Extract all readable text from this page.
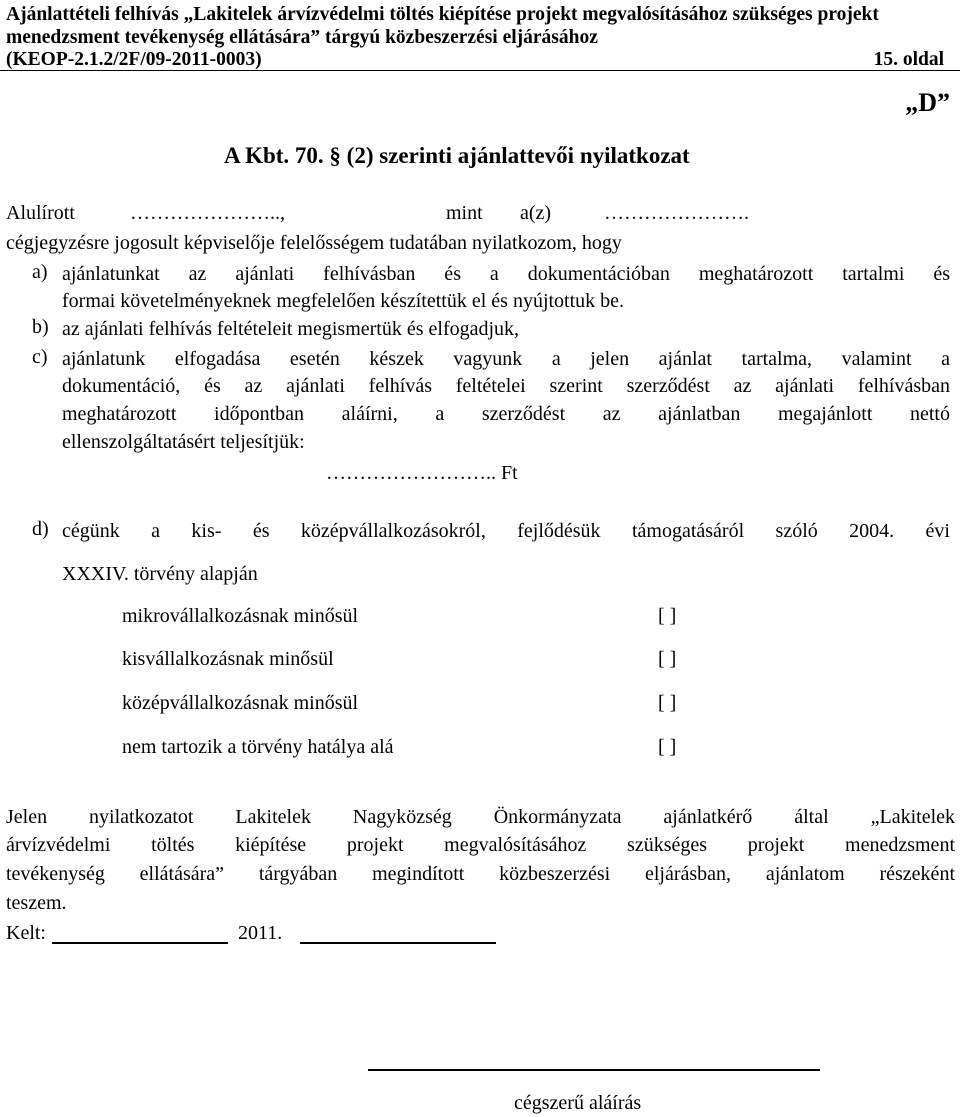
Ajánlattételi felhívás „Lakitelek árvízvédelmi töltés kiépítése projekt megvalósításához szükséges projekt
menedzsment tevékenység ellátására” tárgyú közbeszerzési eljárásához
(KEOP-2.1.2/2F/09-2011-0003)	15. oldal
„D”
A Kbt. 70. § (2) szerinti ajánlattevői nyilatkozat
Alulírott	…………………..,	mint a(z)	………………….
cégjegyzésre jogosult képviselője felelősségem tudatában nyilatkozom, hogy
a) ajánlatunkat az ajánlati felhívásban és a dokumentációban meghatározott tartalmi és
formai követelményeknek megfelelően készítettük el és nyújtottuk be.
b) az ajánlati felhívás feltételeit megismertük és elfogadjuk,
c) ajánlatunk elfogadása esetén készek vagyunk a jelen ajánlat tartalma, valamint a
dokumentáció, és az ajánlati felhívás feltételei szerint szerződést az ajánlati felhívásban
meghatározott időpontban aláírni, a szerződést az ajánlatban megajánlott nettó
ellenszolgáltatásért teljesítjük:
…………………….. Ft
d) cégünk a kis- és középvállalkozásokról, fejlődésük támogatásáról szóló 2004. évi
XXXIV. törvény alapján
mikrovállalkozásnak minősül	[ ]
kisvállalkozásnak minősül	[ ]
középvállalkozásnak minősül	[ ]
nem tartozik a törvény hatálya alá	[ ]
Jelen nyilatkozatot Lakitelek Nagyközség Önkormányzata ajánlatkérő által „Lakitelek
árvízvédelmi töltés kiépítése projekt megvalósításához szükséges projekt menedzsment
tevékenység ellátására” tárgyában megindított közbeszerzési eljárásban, ajánlatom részeként
teszem.
Kelt:	2011.
cégszerű aláírás
